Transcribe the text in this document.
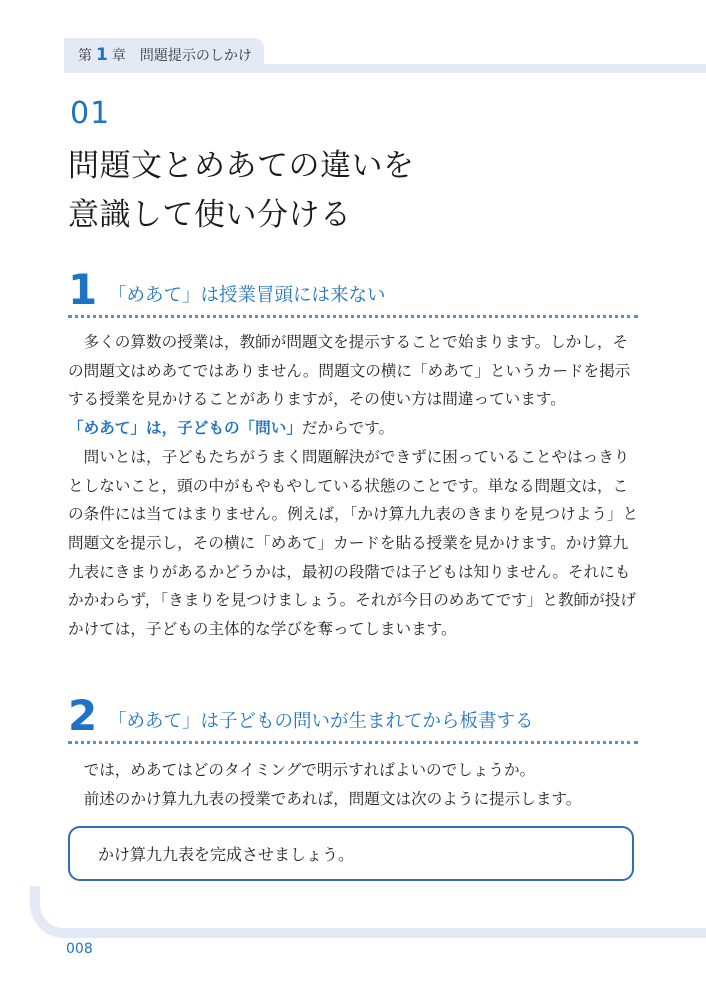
第 1 章 問題提示のしかけ
01
問題文とめあての違いを
意識して使い分ける
1 「めあて」は授業冒頭には来ない

多くの算数の授業は，教師が問題文を提示することで始まります。しかし，その問題文はめあてではありません。問題文の横に「めあて」というカードを掲示する授業を見かけることがありますが，その使い方は間違っています。

「めあて」は，子どもの「問い」だからです。

問いとは，子どもたちがうまく問題解決ができずに困っていることやはっきりとしないこと，頭の中がもやもやしている状態のことです。単なる問題文は，この条件には当てはまりません。例えば，「かけ算九九表のきまりを見つけよう」と問題文を提示し，その横に「めあて」カードを貼る授業を見かけます。かけ算九九表にきまりがあるかどうかは，最初の段階では子どもは知りません。それにもかかわらず，「きまりを見つけましょう。それが今日のめあてです」と教師が投げかけては，子どもの主体的な学びを奪ってしまいます。

2 「めあて」は子どもの問いが生まれてから板書する

では，めあてはどのタイミングで明示すればよいのでしょうか。

前述のかけ算九九表の授業であれば，問題文は次のように提示します。

かけ算九九表を完成させましょう。
008
